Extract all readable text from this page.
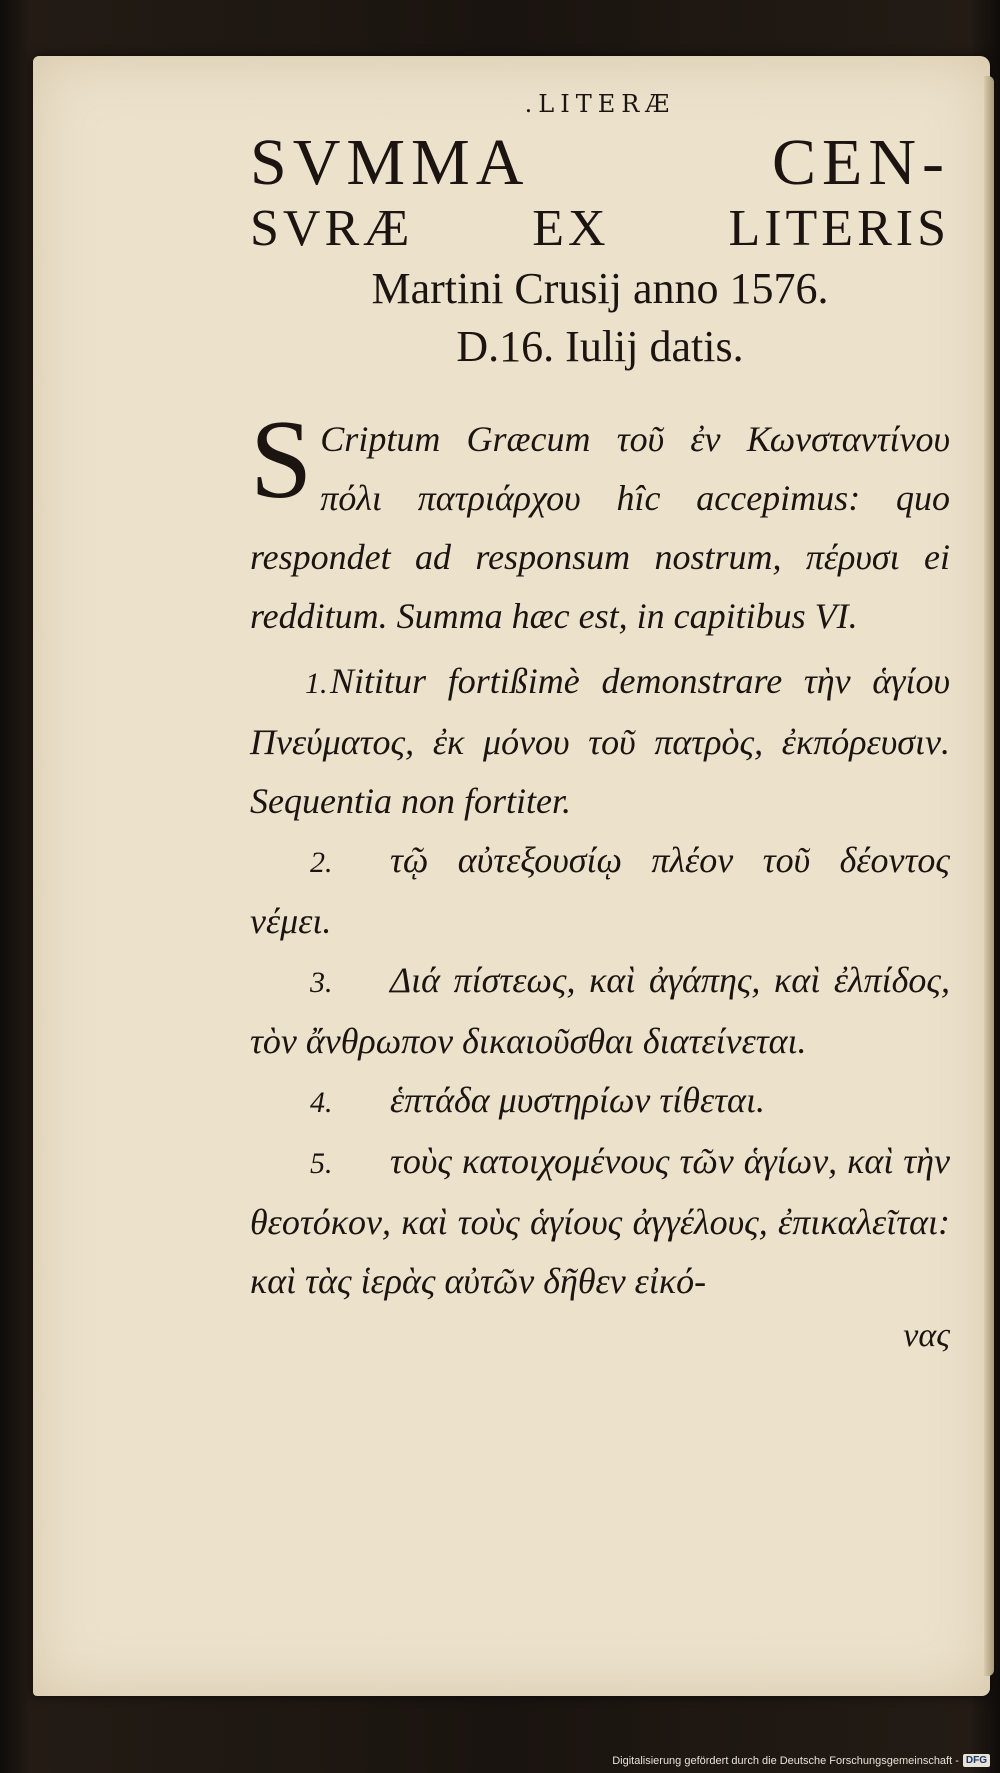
.LITERÆ
SVMMA CEN-
SVRÆ EX LITERIS
Martini Crusij anno 1576.
D.16. Iulij datis.

S Criptum Græcum τοῦ ἐν Κωνσταντίνου πόλι πατριάρχου hîc accepimus: quo respondet ad responsum nostrum, πέρυσι ei redditum. Summa hæc est, in capitibus VI.

1.Nititur fortißimè demonstrare τὴν ἁγίου Πνεύματος, ἐκ μόνου τοῦ πατρὸς, ἐκπόρευσιν. Sequentia non fortiter.

2. τῷ αὐτεξουσίῳ πλέον τοῦ δέοντος νέμει.

3. Διά πίστεως, καὶ ἀγάπης, καὶ ἐλπίδος, τὸν ἄνθρωπον δικαιοῦσθαι διατείνεται.

4. ἑπτάδα μυστηρίων τίθεται.

5. τοὺς κατοιχομένους τῶν ἁγίων, καὶ τὴν θεοτόκον, καὶ τοὺς ἁγίους ἀγγέλους, ἐπικαλεῖται: καὶ τὰς ἱερὰς αὐτῶν δῆθεν εἰκό-

νας

Digitalisierung gefördert durch die Deutsche Forschungsgemeinschaft - DFG
